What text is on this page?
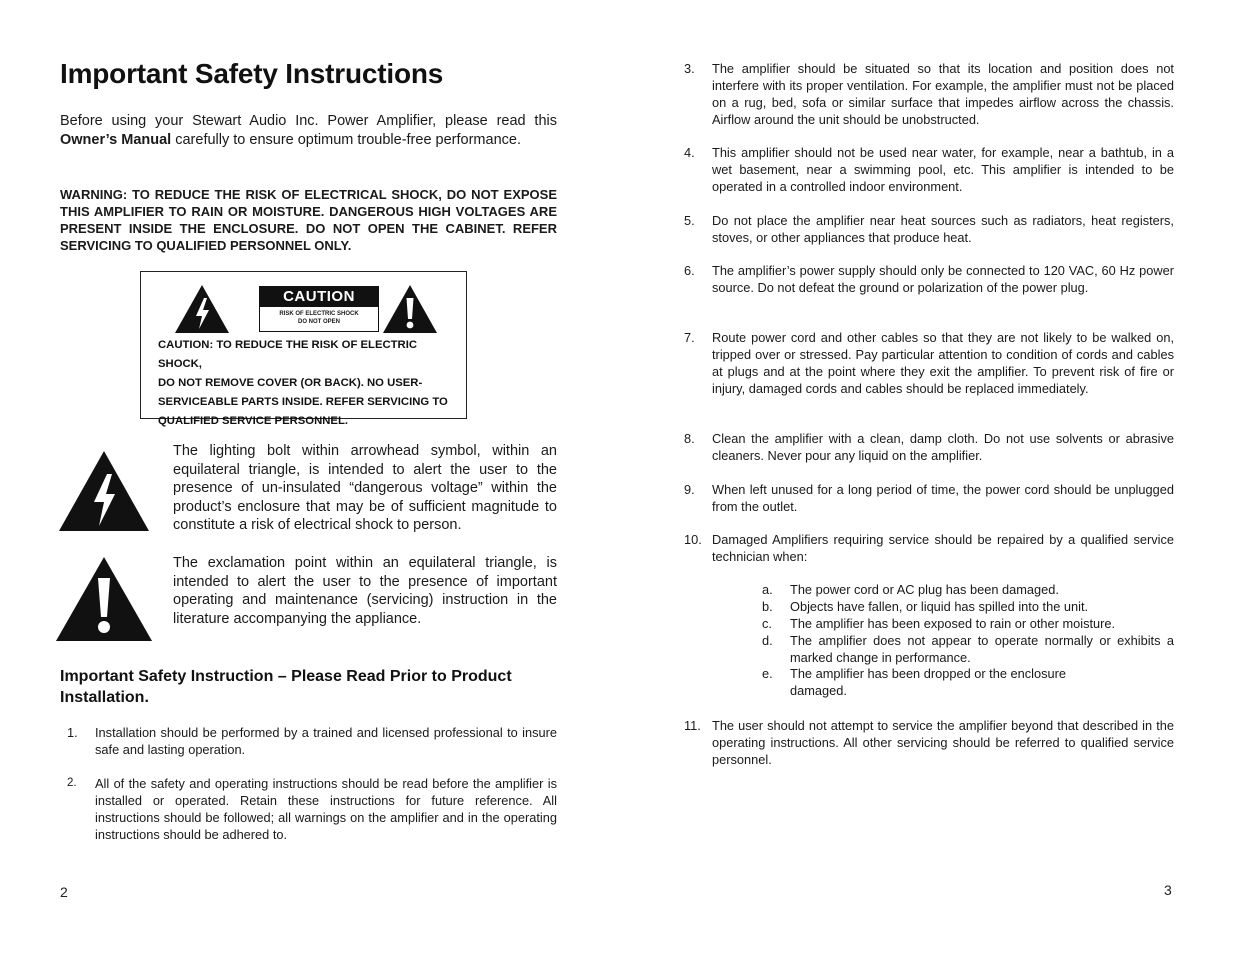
Important Safety Instructions

Before using your Stewart Audio Inc. Power Amplifier, please read this Owner’s Manual carefully to ensure optimum trouble-free performance.

WARNING: TO REDUCE THE RISK OF ELECTRICAL SHOCK, DO NOT EXPOSE THIS AMPLIFIER TO RAIN OR MOISTURE. DANGEROUS HIGH VOLTAGES ARE PRESENT INSIDE THE ENCLOSURE. DO NOT OPEN THE CABINET. REFER SERVICING TO QUALIFIED PERSONNEL ONLY.

CAUTION
RISK OF ELECTRIC SHOCK
DO NOT OPEN
CAUTION: TO REDUCE THE RISK OF ELECTRIC SHOCK,
DO NOT REMOVE COVER (OR BACK). NO USER-
SERVICEABLE PARTS INSIDE. REFER SERVICING TO
QUALIFIED SERVICE PERSONNEL.

The lighting bolt within arrowhead symbol, within an equilateral triangle, is intended to alert the user to the presence of un-insulated “dangerous voltage” within the product’s enclosure that may be of sufficient magnitude to constitute a risk of electrical shock to person.

The exclamation point within an equilateral triangle, is intended to alert the user to the presence of important operating and maintenance (servicing) instruction in the literature accompanying the appliance.

Important Safety Instruction – Please Read Prior to Product Installation.
1. Installation should be performed by a trained and licensed professional to insure safe and lasting operation.
2. All of the safety and operating instructions should be read before the amplifier is installed or operated. Retain these instructions for future reference. All instructions should be followed; all warnings on the amplifier and in the operating instructions should be adhered to.
2
3. The amplifier should be situated so that its location and position does not interfere with its proper ventilation. For example, the amplifier must not be placed on a rug, bed, sofa or similar surface that impedes airflow across the chassis. Airflow around the unit should be unobstructed.
4. This amplifier should not be used near water, for example, near a bathtub, in a wet basement, near a swimming pool, etc. This amplifier is intended to be operated in a controlled indoor environment.
5. Do not place the amplifier near heat sources such as radiators, heat registers, stoves, or other appliances that produce heat.
6. The amplifier’s power supply should only be connected to 120 VAC, 60 Hz power source. Do not defeat the ground or polarization of the power plug.
7. Route power cord and other cables so that they are not likely to be walked on, tripped over or stressed. Pay particular attention to condition of cords and cables at plugs and at the point where they exit the amplifier. To prevent risk of fire or injury, damaged cords and cables should be replaced immediately.
8. Clean the amplifier with a clean, damp cloth. Do not use solvents or abrasive cleaners. Never pour any liquid on the amplifier.
9. When left unused for a long period of time, the power cord should be unplugged from the outlet.
10. Damaged Amplifiers requiring service should be repaired by a qualified service technician when:
11. The user should not attempt to service the amplifier beyond that described in the operating instructions. All other servicing should be referred to qualified service personnel.
3
a. The power cord or AC plug has been damaged.
b. Objects have fallen, or liquid has spilled into the unit.
c. The amplifier has been exposed to rain or other moisture.
d. The amplifier does not appear to operate normally or exhibits a marked change in performance.
e. The amplifier has been dropped or the enclosure damaged.
